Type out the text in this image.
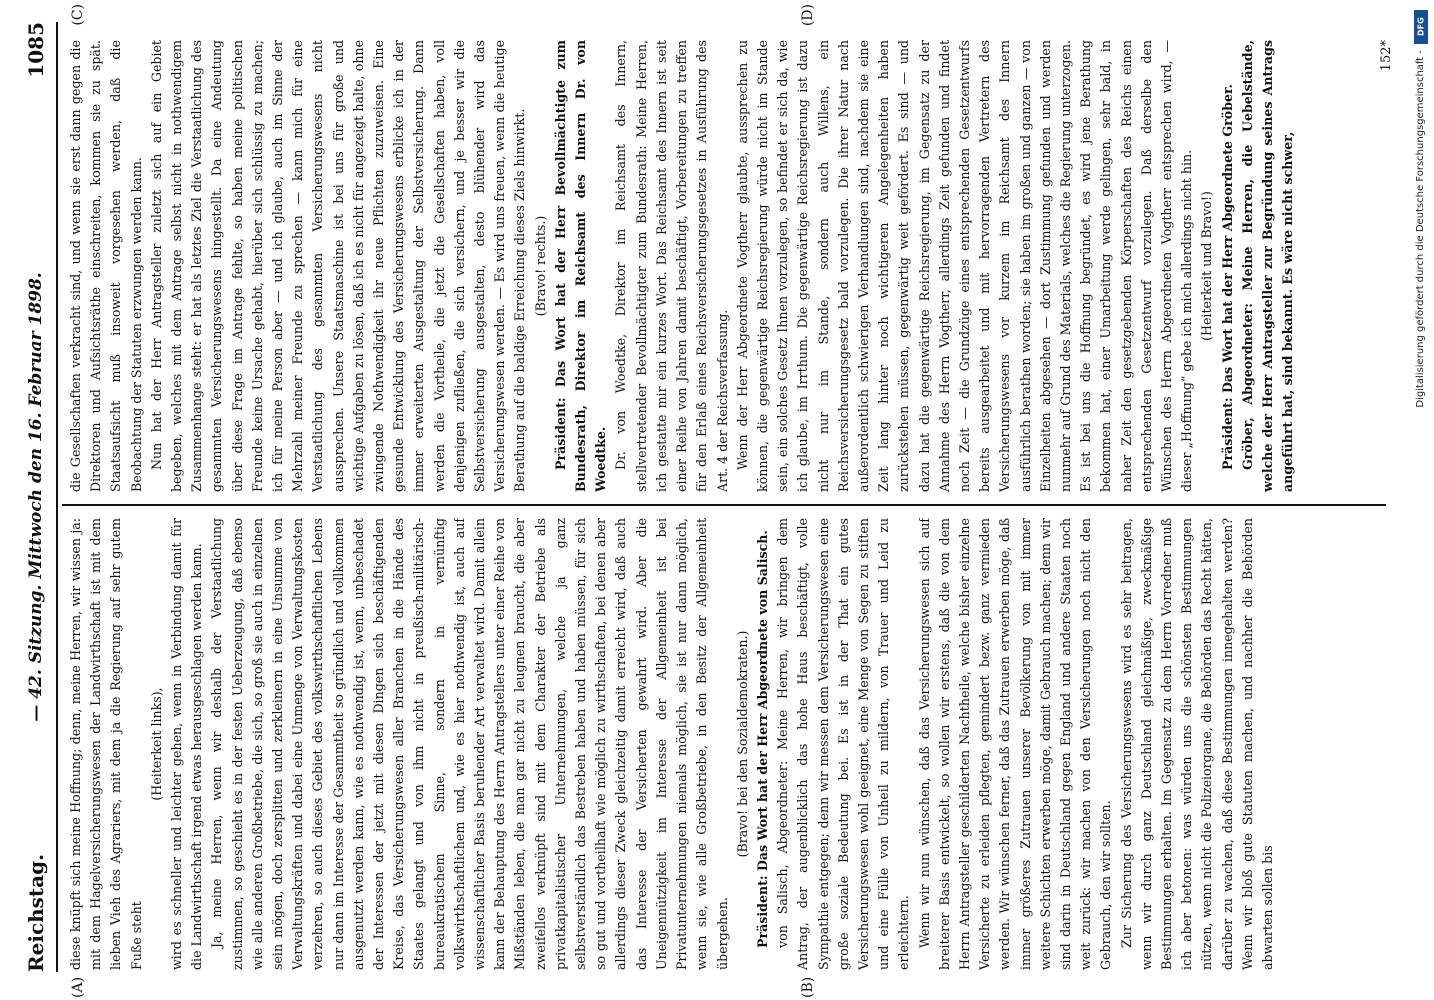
Reichstag.
— 42. Sitzung. Mittwoch den 16. Februar 1898.
1085
(A)	(B)
(C)	(D)

diese knüpft sich meine Hoffnung; denn, meine Herren, wir wissen ja: mit dem Hagelversicherungswesen der Landwirthschaft ist mit dem lieben Vieh des Agrariers, mit dem ja die Regierung auf sehr gutem Fuße steht

(Heiterkeit links), wird es schneller und leichter gehen, wenn in Verbindung damit für die Landwirthschaft irgend etwas herausgeschlagen werden kann. Ja, meine Herren, wenn wir deshalb der Verstaatlichung zustimmen, so geschieht es in der festen Ueberzeugung, daß ebenso wie alle anderen Großbetriebe, die sich, so groß sie auch in einzelnen sein mögen, doch zersplitten und zerkleinern in eine Unsumme von Verwaltungskräften und dabei eine Unmenge von Verwaltungskosten verzehren, so auch dieses Gebiet des volkswirthschaftlichen Lebens nur dann im Interesse der Gesammtheit so gründlich und vollkommen ausgenutzt werden kann, wie es nothwendig ist, wenn, unbeschadet der Interessen der jetzt mit diesen Dingen sich beschäftigenden Kreise, das Versicherungswesen aller Branchen in die Hände des Staates gelangt und von ihm nicht in preußisch-militärisch-bureaukratischem Sinne, sondern in vernünftig volkswirthschaftlichem und, wie es hier nothwendig ist, auch auf wissenschaftlicher Basis beruhender Art verwaltet wird. Damit allein kann der Behauptung des Herrn Antragstellers unter einer Reihe von Mißständen leben, die man gar nicht zu leugnen braucht, die aber zweifellos verknüpft sind mit dem Charakter der Betriebe als privatkapitalistischer Unternehmungen, welche ja ganz selbstverständlich das Bestreben haben und haben müssen, für sich so gut und vortheilhaft wie möglich zu wirthschaften, bei denen aber allerdings dieser Zweck gleichzeitig damit erreicht wird, daß auch das Interesse der Versicherten gewahrt wird. Aber die Uneigennützigkeit im Interesse der Allgemeinheit ist bei Privatunternehmungen niemals möglich, sie ist nur dann möglich, wenn sie, wie alle Großbetriebe, in den Besitz der Allgemeinheit übergehen.

(Bravo! bei den Sozialdemokraten.) Präsident: Das Wort hat der Herr Abgeordnete von Salisch. von Salisch, Abgeordneter: Meine Herren, wir bringen dem Antrag, der augenblicklich das hohe Haus beschäftigt, volle Sympathie entgegen; denn wir messen dem Versicherungswesen eine große soziale Bedeutung bei. Es ist in der That ein gutes Versicherungswesen wohl geeignet, eine Menge von Segen zu stiften und eine Fülle von Unheil zu mildern, von Trauer und Leid zu erleichtern. Wenn wir nun wünschen, daß das Versicherungswesen sich auf breiterer Basis entwickelt, so wollen wir erstens, daß die von dem Herrn Antragsteller geschilderten Nachtheile, welche bisher einzelne Versicherte zu erleiden pflegten, gemindert bezw. ganz vermieden werden. Wir wünschen ferner, daß das Zutrauen erwerben möge, daß immer größeres Zutrauen unserer Bevölkerung von mit immer weitere Schichten erwerben möge, damit Gebrauch machen; denn wir sind darin in Deutschland gegen England und andere Staaten noch weit zurück: wir machen von den Versicherungen noch nicht den Gebrauch, den wir sollten. Zur Sicherung des Versicherungswesens wird es sehr beitragen, wenn wir durch ganz Deutschland gleichmäßige, zweckmäßige Bestimmungen erhalten. Im Gegensatz zu dem Herrn Vorredner muß ich aber betonen: was würden uns die schönsten Bestimmungen nützen, wenn nicht die Polizeiorgane, die Behörden das Recht hätten, darüber zu wachen, daß diese Bestimmungen innegehalten werden? Wenn wir bloß gute Statuten machen, und nachher die Behörden abwarten sollen bis

die Gesellschaften verkracht sind, und wenn sie erst dann gegen die Direktoren und Aufsichtsräthe einschreiten, kommen sie zu spät. Staatsaufsicht muß insoweit vorgesehen werden, daß die Beobachtung der Statuten erzwungen werden kann. Nun hat der Herr Antragsteller zuletzt sich auf ein Gebiet begeben, welches mit dem Antrage selbst nicht in nothwendigem Zusammenhange steht: er hat als letztes Ziel die Verstaatlichung des gesammten Versicherungswesens hingestellt. Da eine Andeutung über diese Frage im Antrage fehlte, so haben meine politischen Freunde keine Ursache gehabt, hierüber sich schlüssig zu machen; ich für meine Person aber — und ich glaube, auch im Sinne der Mehrzahl meiner Freunde zu sprechen — kann mich für eine Verstaatlichung des gesammten Versicherungswesens nicht aussprechen. Unsere Staatsmaschine ist bei uns für große und wichtige Aufgaben zu lösen, daß ich es nicht für angezeigt halte, ohne zwingende Nothwendigkeit ihr neue Pflichten zuzuweisen. Eine gesunde Entwicklung des Versicherungswesens erblicke ich in der immer erweiterten Ausgestaltung der Selbstversicherung. Dann werden die Vortheile, die jetzt die Gesellschaften haben, voll denjenigen zufließen, die sich versichern, und je besser wir die Selbstversicherung ausgestalten, desto blühender wird das Versicherungswesen werden. — Es wird uns freuen, wenn die heutige Berathung auf die baldige Erreichung dieses Ziels hinwirkt. (Bravo! rechts.) Präsident: Das Wort hat der Herr Bevollmächtigte zum Bundesrath, Direktor im Reichsamt des Innern Dr. von Woedtke. Dr. von Woedtke, Direktor im Reichsamt des Innern, stellvertretender Bevollmächtigter zum Bundesrath: Meine Herren, ich gestatte mir ein kurzes Wort. Das Reichsamt des Innern ist seit einer Reihe von Jahren damit beschäftigt, Vorbereitungen zu treffen für den Erlaß eines Reichsversicherungsgesetzes in Ausführung des Art. 4 der Reichsverfassung. Wenn der Herr Abgeordnete Vogtherr glaubte, aussprechen zu können, die gegenwärtige Reichsregierung würde nicht im Stande sein, ein solches Gesetz Ihnen vorzulegen, so befindet er sich da, wie ich glaube, im Irrthum. Die gegenwärtige Reichsregierung ist dazu nicht nur im Stande, sondern auch Willens, ein Reichsversicherungsgesetz bald vorzulegen. Die ihrer Natur nach außerordentlich schwierigen Verhandlungen sind, nachdem sie eine Zeit lang hinter noch wichtigeren Angelegenheiten haben zurückstehen müssen, gegenwärtig weit gefördert. Es sind — und dazu hat die gegenwärtige Reichsregierung, im Gegensatz zu der Annahme des Herrn Vogtherr, allerdings Zeit gefunden und findet noch Zeit — die Grundzüge eines entsprechenden Gesetzentwurfs bereits ausgearbeitet und mit hervorragenden Vertretern des Versicherungswesens vor kurzem im Reichsamt des Innern ausführlich berathen worden; sie haben im großen und ganzen — von Einzelheiten abgesehen — dort Zustimmung gefunden und werden nunmehr auf Grund des Materials, welches die Regierung unterzogen. Es ist bei uns die Hoffnung begründet, es wird jene Berathung bekommen hat, einer Umarbeitung werde gelingen, sehr bald, in naher Zeit den gesetzgebenden Körperschaften des Reichs einen entsprechenden Gesetzentwurf vorzulegen. Daß derselbe den Wünschen des Herrn Abgeordneten Vogtherr entsprechen wird, — dieser „Hoffnung“ gebe ich mich allerdings nicht hin. (Heiterkeit und Bravo!) Präsident: Das Wort hat der Herr Abgeordnete Gröber. Gröber, Abgeordneter: Meine Herren, die Uebelstände, welche der Herr Antragsteller zur Begründung seines Antrags angeführt hat, sind bekannt. Es wäre nicht schwer,

152*
DFG
Digitalisierung gefördert durch die Deutsche Forschungsgemeinschaft -
